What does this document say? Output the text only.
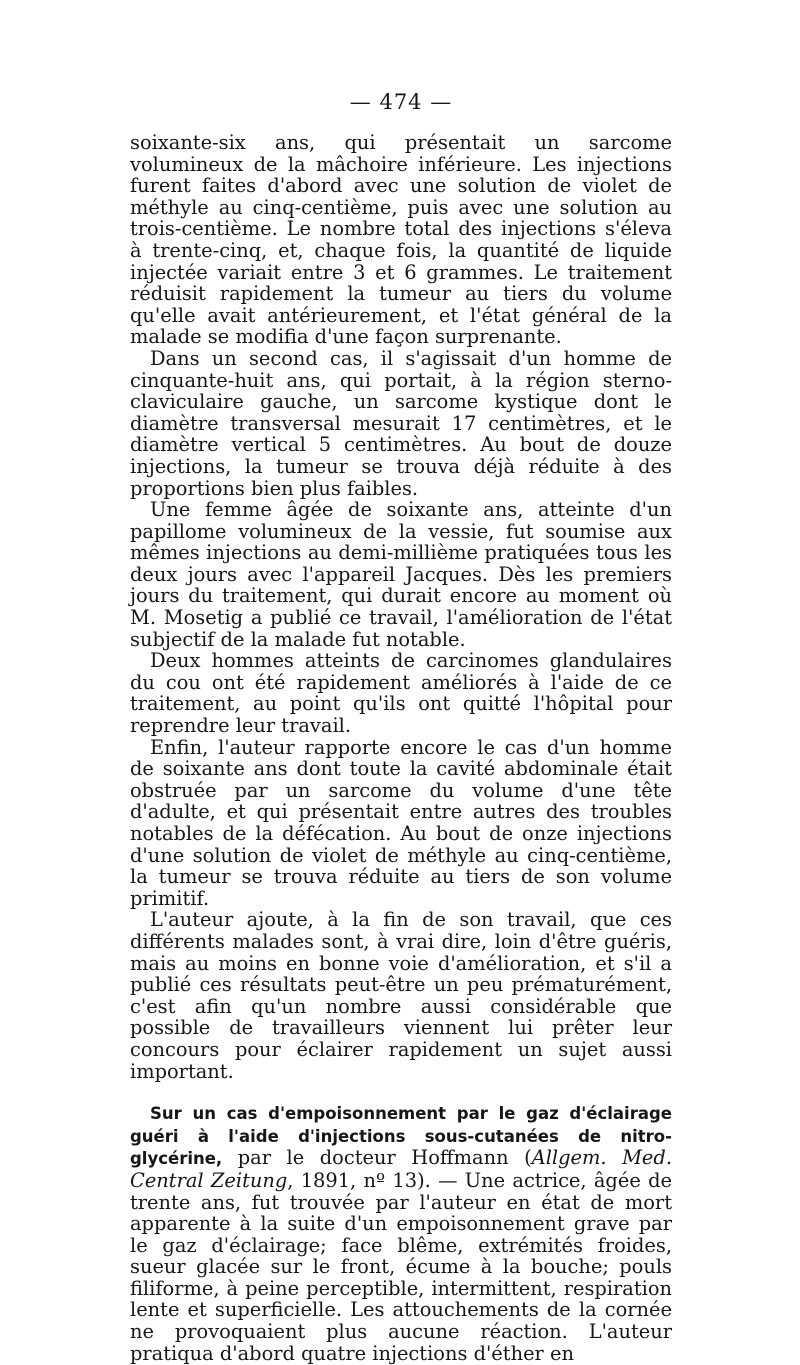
— 474 —

soixante-six ans, qui présentait un sarcome volumineux de la mâchoire inférieure. Les injections furent faites d'abord avec une solution de violet de méthyle au cinq-centième, puis avec une solution au trois-centième. Le nombre total des injections s'éleva à trente-cinq, et, chaque fois, la quantité de liquide injectée variait entre 3 et 6 grammes. Le traitement réduisit rapidement la tumeur au tiers du volume qu'elle avait antérieurement, et l'état général de la malade se modifia d'une façon surprenante.

Dans un second cas, il s'agissait d'un homme de cinquante-huit ans, qui portait, à la région sterno-claviculaire gauche, un sarcome kystique dont le diamètre transversal mesurait 17 centimètres, et le diamètre vertical 5 centimètres. Au bout de douze injections, la tumeur se trouva déjà réduite à des proportions bien plus faibles.

Une femme âgée de soixante ans, atteinte d'un papillome volumineux de la vessie, fut soumise aux mêmes injections au demi-millième pratiquées tous les deux jours avec l'appareil Jacques. Dès les premiers jours du traitement, qui durait encore au moment où M. Mosetig a publié ce travail, l'amélioration de l'état subjectif de la malade fut notable.

Deux hommes atteints de carcinomes glandulaires du cou ont été rapidement améliorés à l'aide de ce traitement, au point qu'ils ont quitté l'hôpital pour reprendre leur travail.

Enfin, l'auteur rapporte encore le cas d'un homme de soixante ans dont toute la cavité abdominale était obstruée par un sarcome du volume d'une tête d'adulte, et qui présentait entre autres des troubles notables de la défécation. Au bout de onze injections d'une solution de violet de méthyle au cinq-centième, la tumeur se trouva réduite au tiers de son volume primitif.

L'auteur ajoute, à la fin de son travail, que ces différents malades sont, à vrai dire, loin d'être guéris, mais au moins en bonne voie d'amélioration, et s'il a publié ces résultats peut-être un peu prématurément, c'est afin qu'un nombre aussi considérable que possible de travailleurs viennent lui prêter leur concours pour éclairer rapidement un sujet aussi important.

Sur un cas d'empoisonnement par le gaz d'éclairage guéri à l'aide d'injections sous-cutanées de nitro-glycérine, par le docteur Hoffmann (Allgem. Med. Central Zeitung, 1891, nº 13). — Une actrice, âgée de trente ans, fut trouvée par l'auteur en état de mort apparente à la suite d'un empoisonnement grave par le gaz d'éclairage; face blême, extrémités froides, sueur glacée sur le front, écume à la bouche; pouls filiforme, à peine perceptible, intermittent, respiration lente et superficielle. Les attouchements de la cornée ne provoquaient plus aucune réaction. L'auteur pratiqua d'abord quatre injections d'éther en
